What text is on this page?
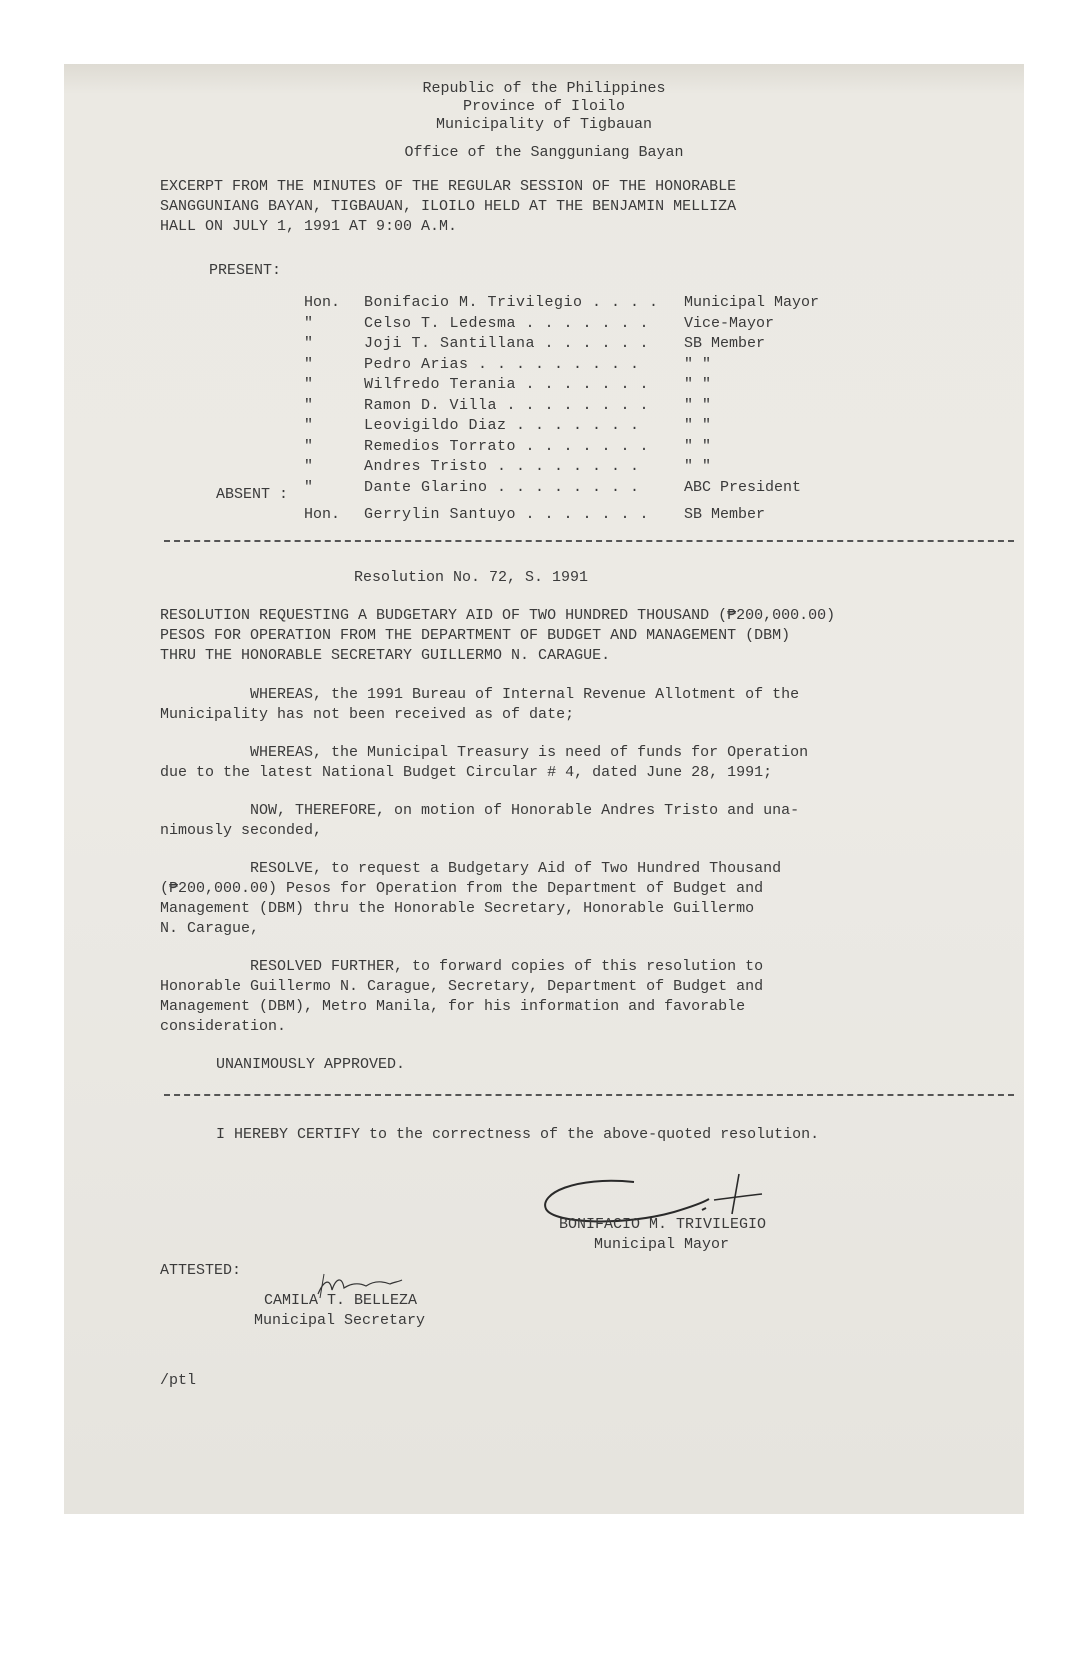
Republic of the Philippines
Province of Iloilo
Municipality of Tigbauan
Office of the Sangguniang Bayan
EXCERPT FROM THE MINUTES OF THE REGULAR SESSION OF THE HONORABLE
SANGGUNIANG BAYAN, TIGBAUAN, ILOILO HELD AT THE BENJAMIN MELLIZA
HALL ON JULY 1, 1991 AT 9:00 A.M.
PRESENT:
Hon.	Bonifacio M. Trivilegio . . . .	Municipal Mayor
"	Celso T. Ledesma . . . . . . .	Vice-Mayor
"	Joji T. Santillana . . . . . .	SB Member
"	Pedro Arias . . . . . . . . .	" "
"	Wilfredo Terania . . . . . . .	" "
"	Ramon D. Villa . . . . . . . .	" "
"	Leovigildo Diaz . . . . . . .	" "
"	Remedios Torrato . . . . . . .	" "
"	Andres Tristo . . . . . . . .	" "
"	Dante Glarino . . . . . . . .	ABC President
ABSENT :
Hon.	Gerrylin Santuyo . . . . . . .	SB Member
Resolution No. 72, S. 1991
RESOLUTION REQUESTING A BUDGETARY AID OF TWO HUNDRED THOUSAND (₱200,000.00)
PESOS FOR OPERATION FROM THE DEPARTMENT OF BUDGET AND MANAGEMENT (DBM)
THRU THE HONORABLE SECRETARY GUILLERMO N. CARAGUE.
WHEREAS, the 1991 Bureau of Internal Revenue Allotment of the
Municipality has not been received as of date;
WHEREAS, the Municipal Treasury is need of funds for Operation
due to the latest National Budget Circular # 4, dated June 28, 1991;
NOW, THEREFORE, on motion of Honorable Andres Tristo and una-
nimously seconded,
RESOLVE, to request a Budgetary Aid of Two Hundred Thousand
(₱200,000.00) Pesos for Operation from the Department of Budget and
Management (DBM) thru the Honorable Secretary, Honorable Guillermo
N. Carague,
RESOLVED FURTHER, to forward copies of this resolution to
Honorable Guillermo N. Carague, Secretary, Department of Budget and
Management (DBM), Metro Manila, for his information and favorable
consideration.
UNANIMOUSLY APPROVED.
I HEREBY CERTIFY to the correctness of the above-quoted resolution.
BONIFACIO M. TRIVILEGIO
Municipal Mayor
ATTESTED:
CAMILA T. BELLEZA
Municipal Secretary
/ptl
